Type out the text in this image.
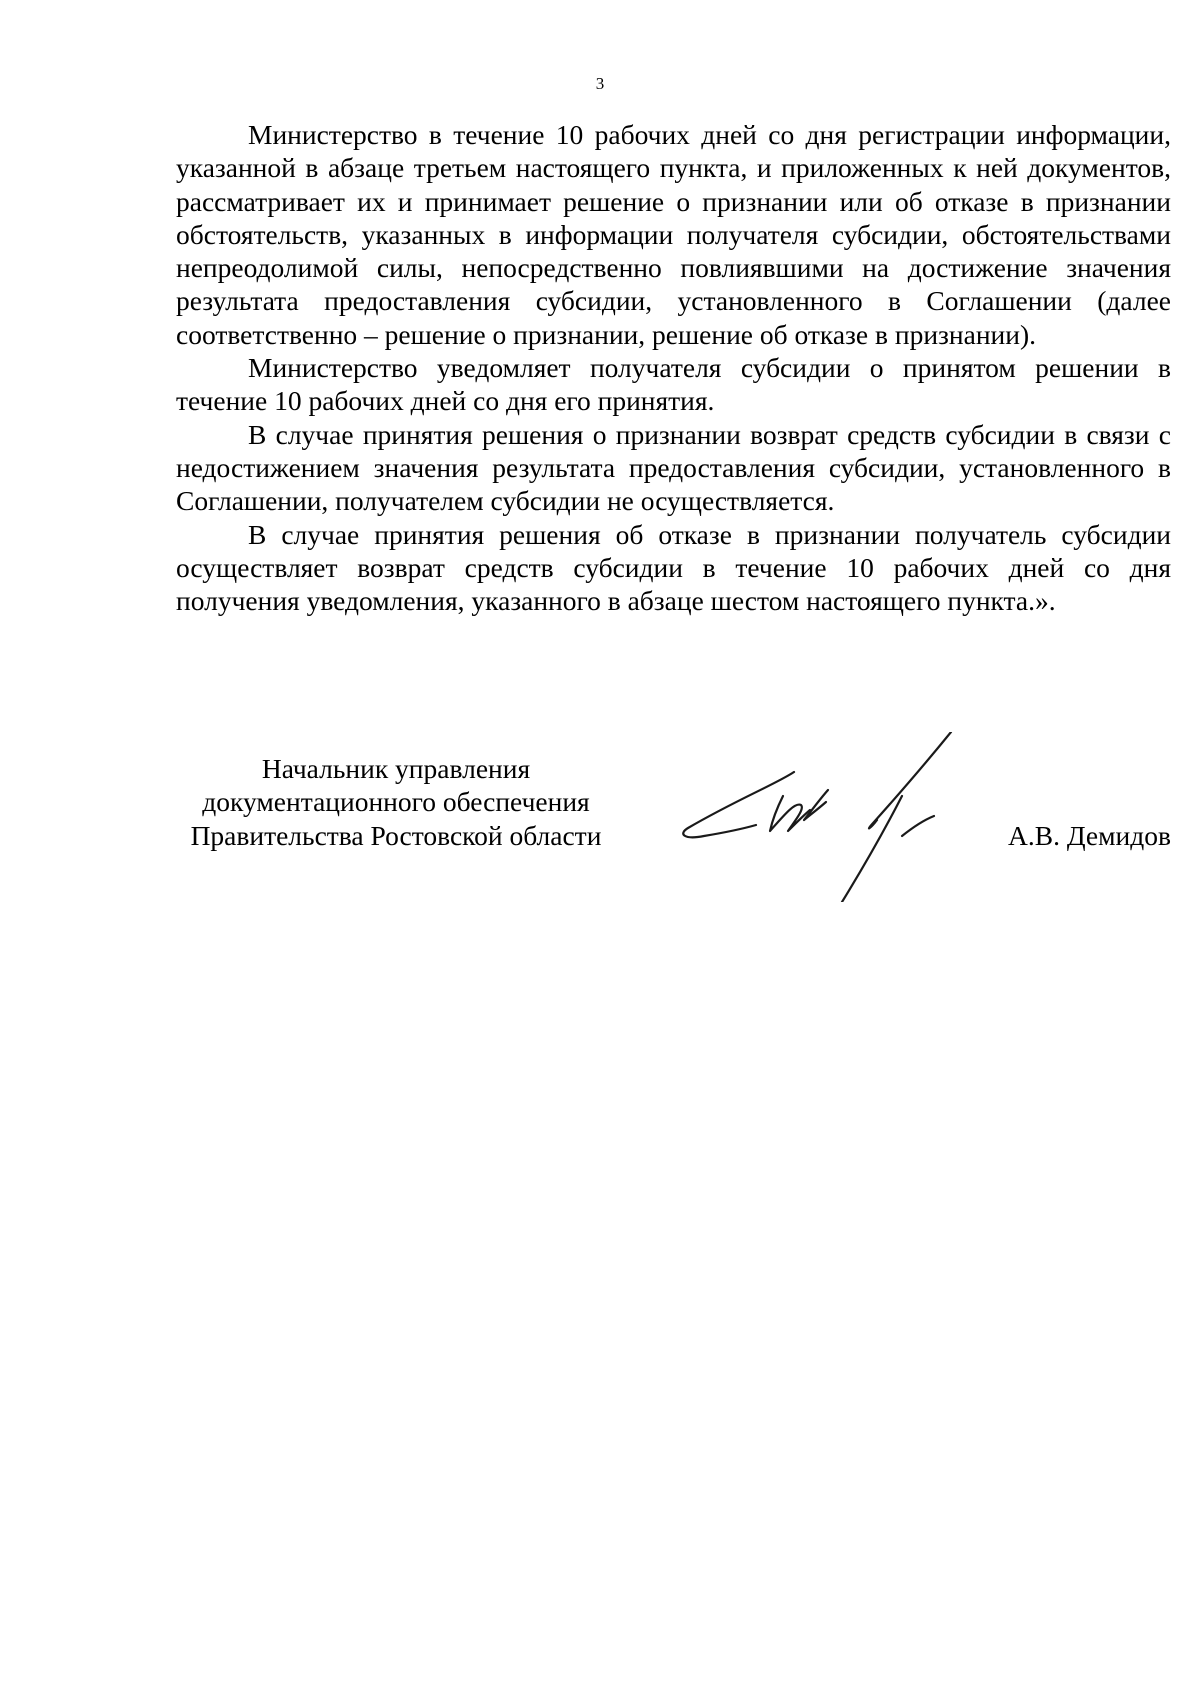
3

Министерство в течение 10 рабочих дней со дня регистрации информации, указанной в абзаце третьем настоящего пункта, и приложенных к ней документов, рассматривает их и принимает решение о признании или об отказе в признании обстоятельств, указанных в информации получателя субсидии, обстоятельствами непреодолимой силы, непосредственно повлиявшими на достижение значения результата предоставления субсидии, установленного в Соглашении (далее соответственно – решение о признании, решение об отказе в признании).

Министерство уведомляет получателя субсидии о принятом решении в течение 10 рабочих дней со дня его принятия.

В случае принятия решения о признании возврат средств субсидии в связи с недостижением значения результата предоставления субсидии, установленного в Соглашении, получателем субсидии не осуществляется.

В случае принятия решения об отказе в признании получатель субсидии осуществляет возврат средств субсидии в течение 10 рабочих дней со дня получения уведомления, указанного в абзаце шестом настоящего пункта.».

Начальник управления
документационного обеспечения
Правительства Ростовской области	А.В. Демидов
